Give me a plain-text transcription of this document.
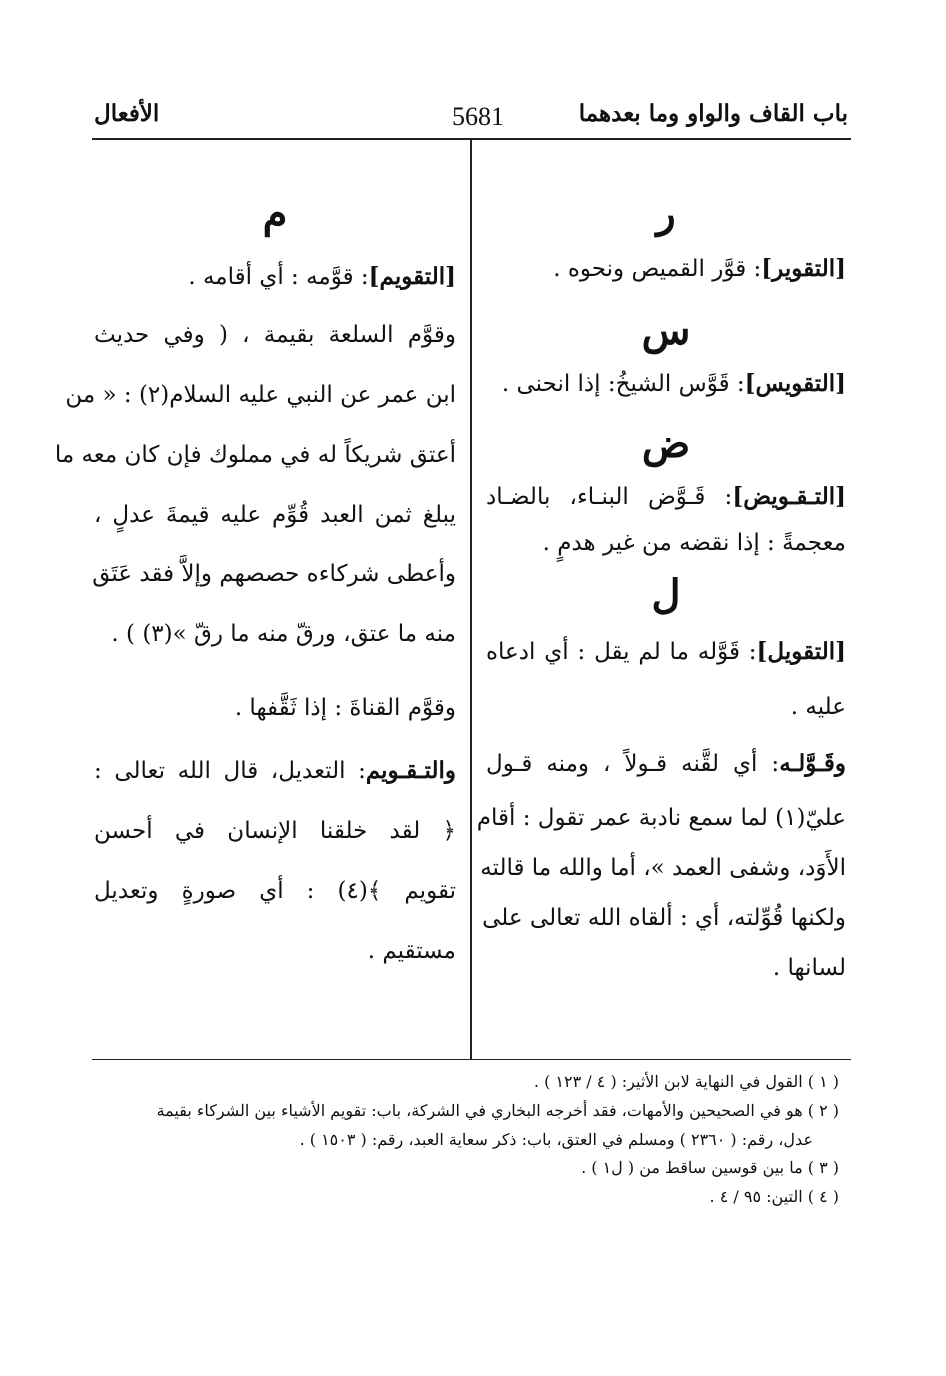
باب القاف والواو وما بعدهما
5681
الأفعال
ر
[التقوير]: قوَّر القميص ونحوه .
س
[التقويس]: قَوَّس الشيخُ: إذا انحنى .
ض
[التـقـويض]: قَـوَّض البنـاء، بالضـاد
معجمةً : إذا نقضه من غير هدمٍ .
ل
[التقويل]: قَوَّله ما لم يقل : أي ادعاه
عليه .
وقَـوَّلـه: أي لقَّنه قـولاً ، ومنه قـول
عليّ(١) لما سمع نادبة عمر تقول : أقام
الأَوَد، وشفى العمد »، أما والله ما قالته
ولكنها قُوِّلته، أي : ألقاه الله تعالى على
لسانها .
م
[التقويم]: قوَّمه : أي أقامه .
وقوَّم السلعة بقيمة ، ( وفي حديث
ابن عمر عن النبي عليه السلام(٢) : « من
أعتق شريكاً له في مملوك فإن كان معه ما
يبلغ ثمن العبد قُوِّم عليه قيمةَ عدلٍ ،
وأعطى شركاءه حصصهم وإلاَّ فقد عَتَق
منه ما عتق، ورقّ منه ما رقّ »(٣) ) .
وقوَّم القناةَ : إذا ثَقَّفها .
والتـقـويم: التعديل، قال الله تعالى :
﴿ لقد خلقنا الإنسان في أحسن
تقويم ﴾(٤) : أي صورةٍ وتعديل
مستقيم .
( ١ ) القول في النهاية لابن الأثير: ( ٤ / ١٢٣ ) .
( ٢ ) هو في الصحيحين والأمهات، فقد أخرجه البخاري في الشركة، باب: تقويم الأشياء بين الشركاء بقيمة
عدل، رقم: ( ٢٣٦٠ ) ومسلم في العتق، باب: ذكر سعاية العبد، رقم: ( ١٥٠٣ ) .
( ٣ ) ما بين قوسين ساقط من ( ل١ ) .
( ٤ ) التين: ٩٥ / ٤ .
